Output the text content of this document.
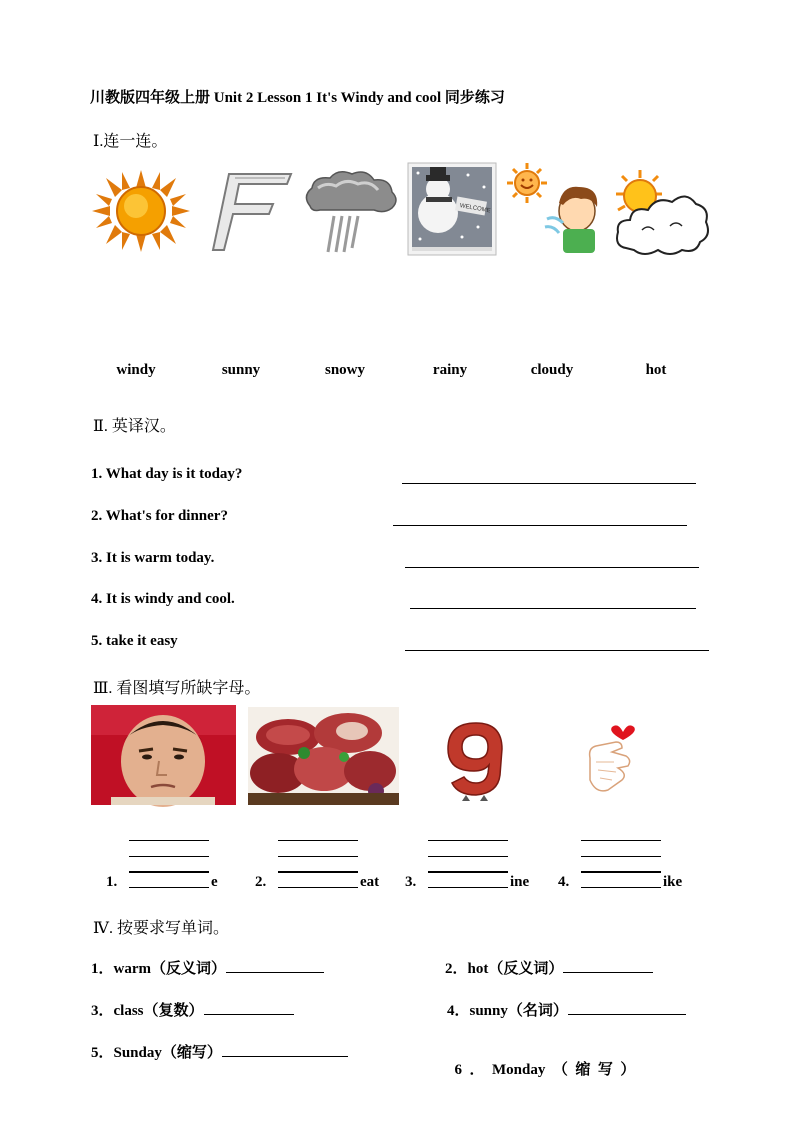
川教版四年级上册 Unit 2 Lesson 1 It's Windy and cool 同步练习
Ⅰ.连一连。
WELCOME
windy	sunny	snowy	rainy	cloudy	hot
Ⅱ. 英译汉。
1. What day is it today?
2. What's for dinner?
3. It is warm today.
4. It is windy and cool.
5. take it easy
Ⅲ. 看图填写所缺字母。
1.	e 2.	eat 3.	ine 4.	ike
Ⅳ. 按要求写单词。
1．warm（反义词）	2．hot（反义词）
3．class（复数）	4．sunny（名词）
5．Sunday（缩写）

6  ．  Monday  （  缩  写  ）
